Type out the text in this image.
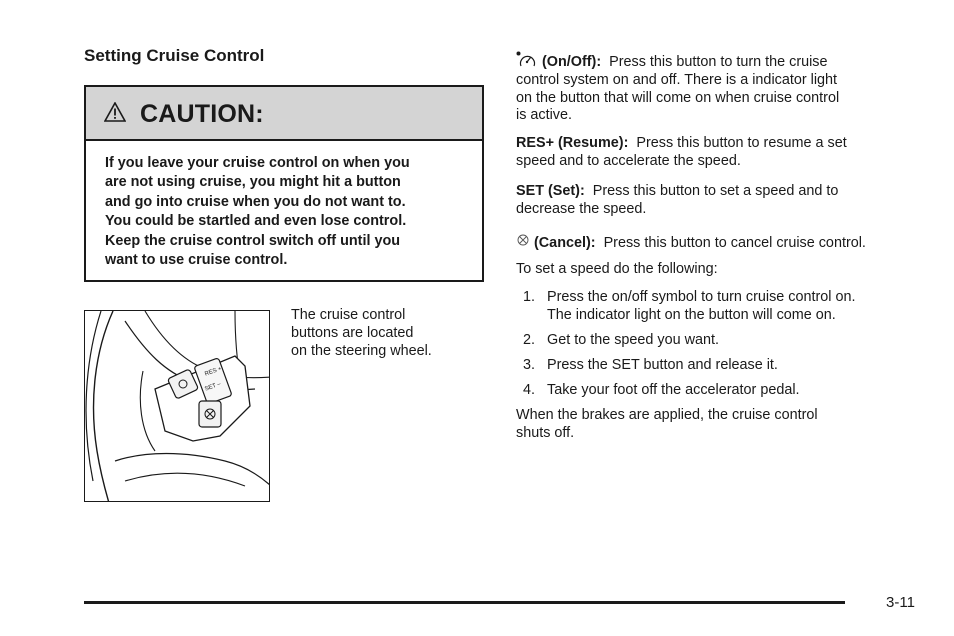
Setting Cruise Control
CAUTION:
If you leave your cruise control on when you
are not using cruise, you might hit a button
and go into cruise when you do not want to.
You could be startled and even lose control.
Keep the cruise control switch off until you
want to use cruise control.
RES +
SET –
The cruise control
buttons are located
on the steering wheel.
(On/Off): Press this button to turn the cruise
control system on and off. There is a indicator light
on the button that will come on when cruise control
is active.
RES+ (Resume): Press this button to resume a set
speed and to accelerate the speed.
SET (Set): Press this button to set a speed and to
decrease the speed.
(Cancel): Press this button to cancel cruise control.
To set a speed do the following:
1. Press the on/off symbol to turn cruise control on.
The indicator light on the button will come on.
2. Get to the speed you want.
3. Press the SET button and release it.
4. Take your foot off the accelerator pedal.
When the brakes are applied, the cruise control
shuts off.
3-11
